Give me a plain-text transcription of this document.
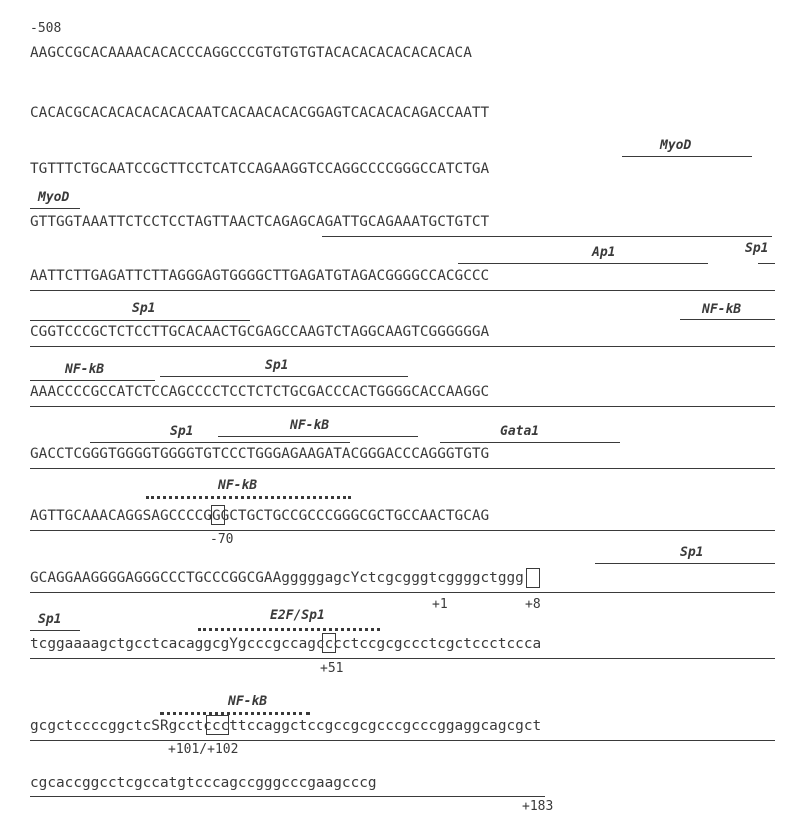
-508
AAGCCGCACAAAACACACCCAGGCCCGTGTGTGTACACACACACACACACA
CACACGCACACACACACACAATCACAACACACGGAGTCACACACAGACCAATT
TGTTTCTGCAATCCGCTTCCTCATCCAGAAGGTCCAGGCCCCGGGCCATCTGA
GTTGGTAAATTCTCCTCCTAGTTAACTCAGAGCAGATTGCAGAAATGCTGTCT
AATTCTTGAGATTCTTAGGGAGTGGGGCTTGAGATGTAGACGGGGCCACGCCC
CGGTCCCGCTCTCCTTGCACAACTGCGAGCCAAGTCTAGGCAAGTCGGGGGGA
AAACCCCGCCATCTCCAGCCCCTCCTCTCTGCGACCCACTGGGGCACCAAGGC
GACCTCGGGTGGGGTGGGGTGTCCCTGGGAGAAGATACGGGACCCAGGGTGTG
AGTTGCAAACAGGSAGCCCCGGGCTGCTGCCGCCCGGGCGCTGCCAACTGCAG
GCAGGAAGGGGAGGGCCCTGCCCGGCGAAgggggagcYctcgcgggtcggggctggg
tcggaaaagctgcctcacaggcgYgcccgccagcccctccgcgccctcgctccctccca
gcgctccccggctcSRgcctcccttccaggctccgccgcgcccgcccggaggcagcgct
cgcaccggcctcgccatgtcccagccgggcccgaagcccg
MyoD
MyoD
Ap1	Sp1
Sp1	NF-kB
NF-kB	Sp1
Sp1	NF-kB	Gata1
NF-kB
-70
Sp1
+1	+8
Sp1	E2F/Sp1
+51
NF-kB
+101/+102
+183
